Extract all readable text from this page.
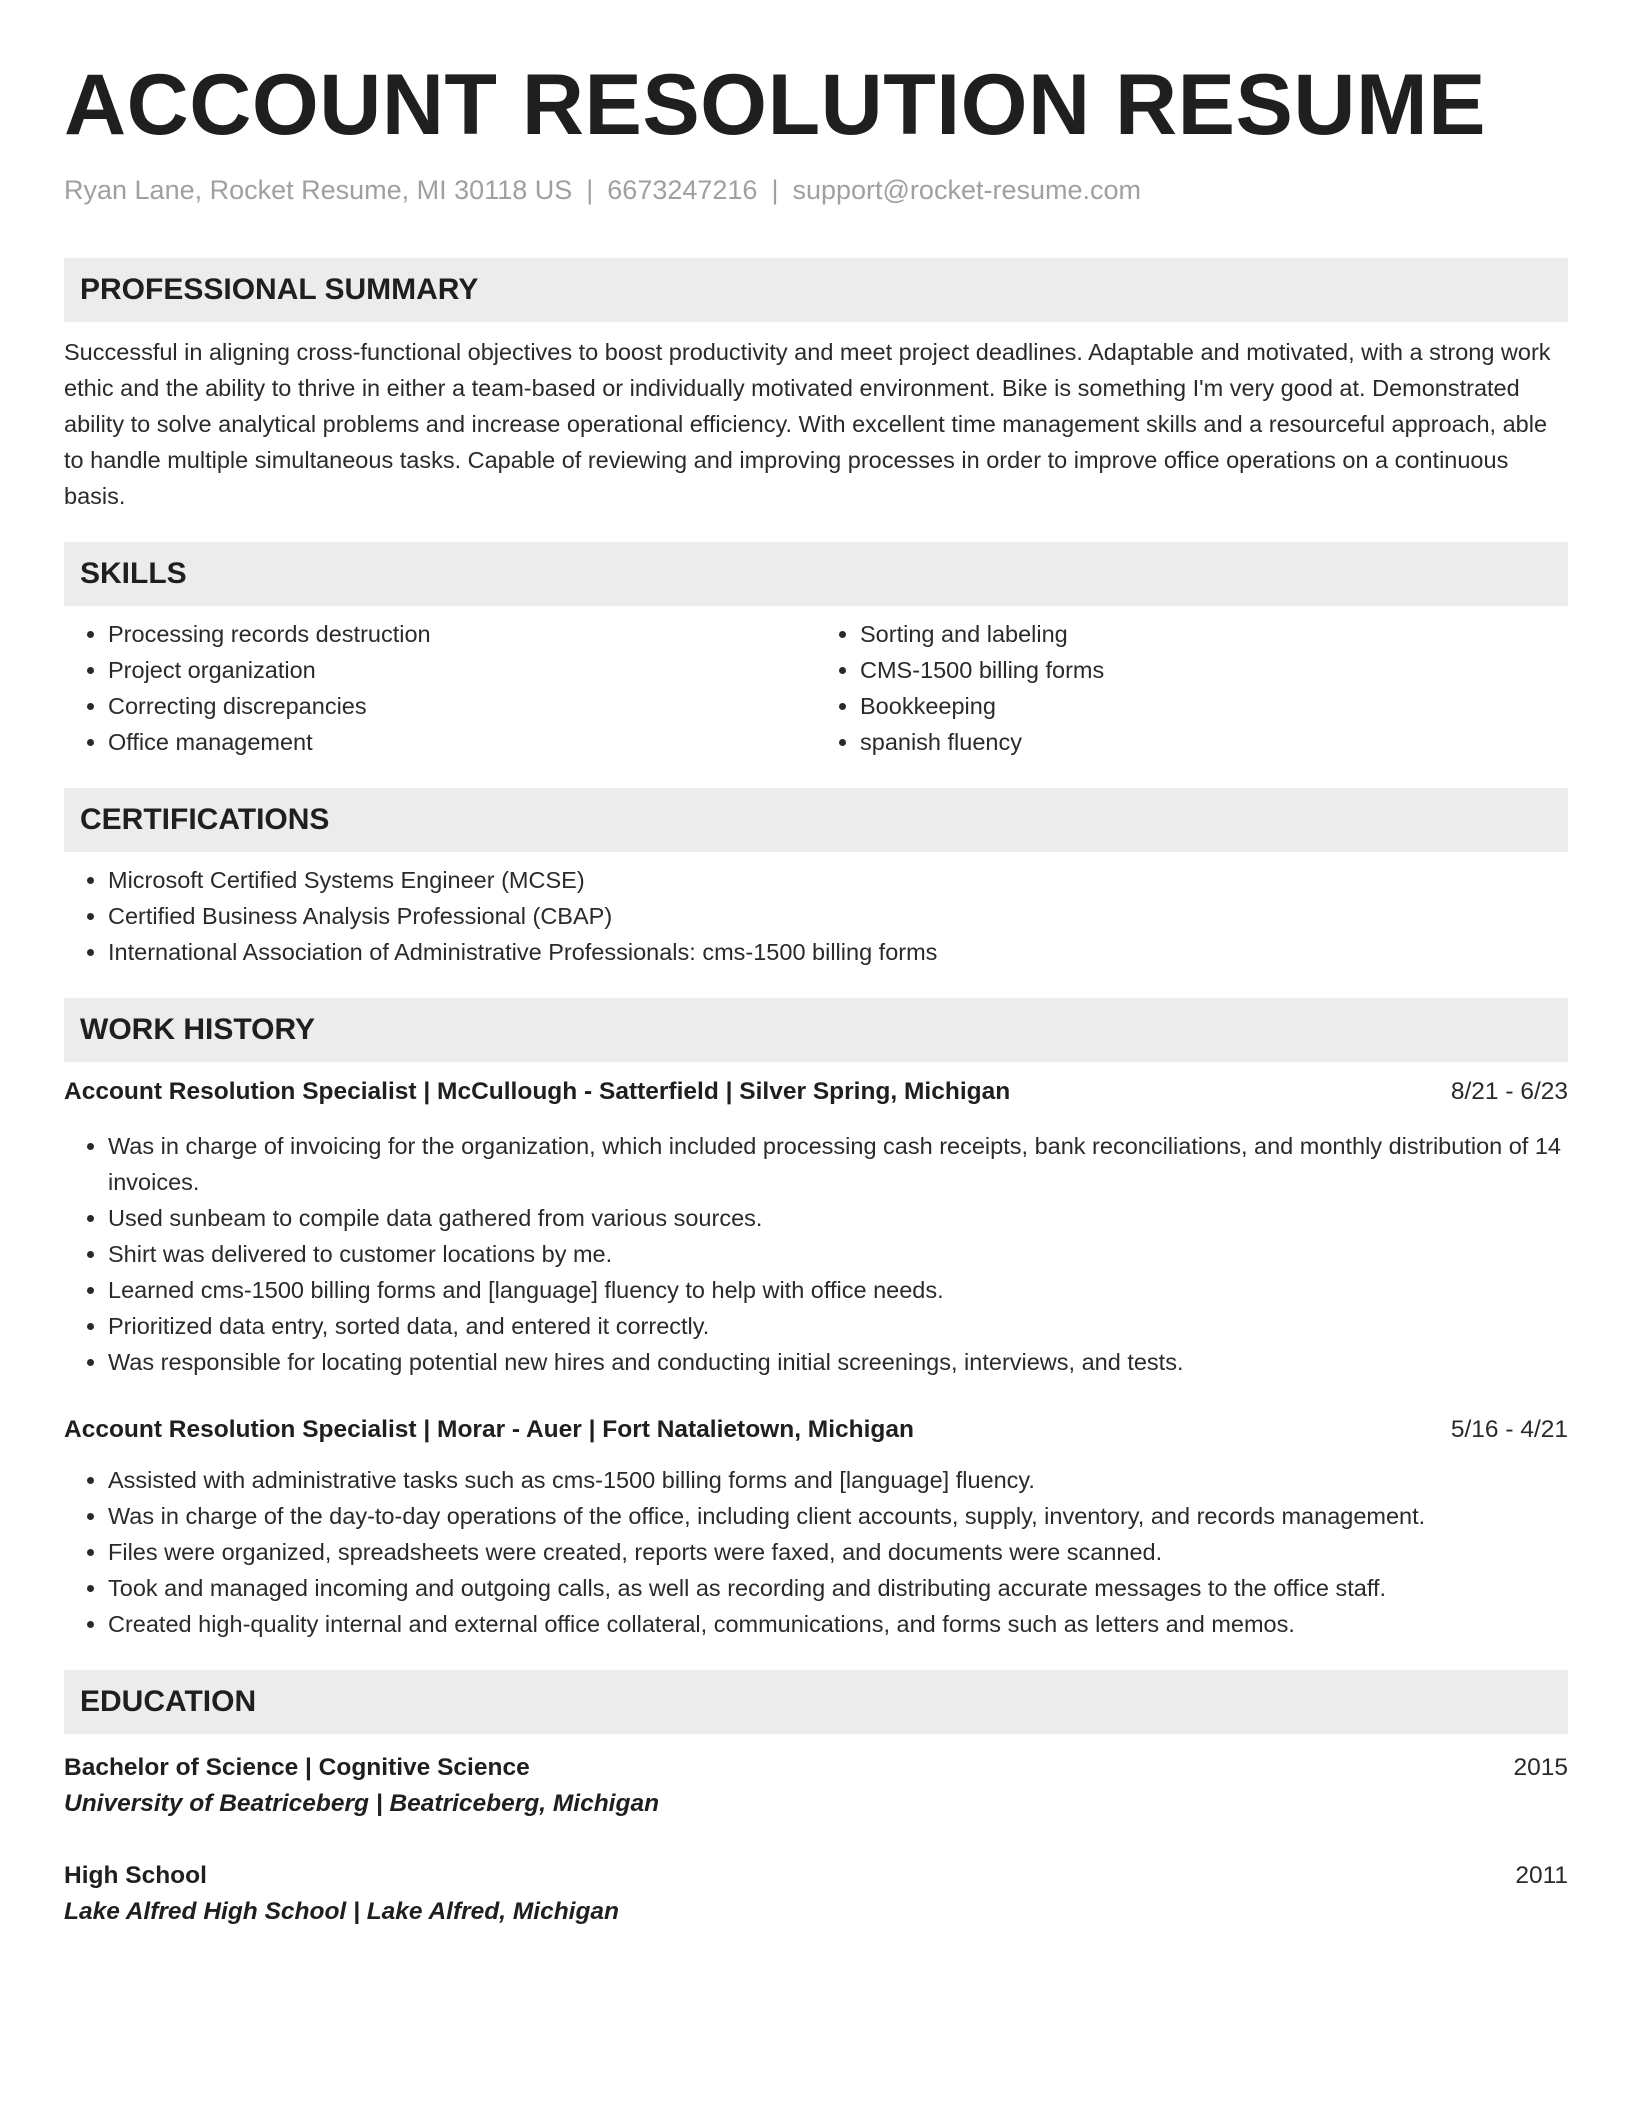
ACCOUNT RESOLUTION RESUME
Ryan Lane, Rocket Resume, MI 30118 US | 6673247216 | support@rocket-resume.com
PROFESSIONAL SUMMARY
Successful in aligning cross-functional objectives to boost productivity and meet project deadlines. Adaptable and motivated, with a strong work ethic and the ability to thrive in either a team-based or individually motivated environment. Bike is something I'm very good at. Demonstrated ability to solve analytical problems and increase operational efficiency. With excellent time management skills and a resourceful approach, able to handle multiple simultaneous tasks. Capable of reviewing and improving processes in order to improve office operations on a continuous basis.
SKILLS
• Processing records destruction
• Project organization
• Correcting discrepancies
• Office management
• Sorting and labeling
• CMS-1500 billing forms
• Bookkeeping
• spanish fluency
CERTIFICATIONS
• Microsoft Certified Systems Engineer (MCSE)
• Certified Business Analysis Professional (CBAP)
• International Association of Administrative Professionals: cms-1500 billing forms
WORK HISTORY
Account Resolution Specialist | McCullough - Satterfield | Silver Spring, Michigan	8/21 - 6/23
• Was in charge of invoicing for the organization, which included processing cash receipts, bank reconciliations, and monthly distribution of 14 invoices.
• Used sunbeam to compile data gathered from various sources.
• Shirt was delivered to customer locations by me.
• Learned cms-1500 billing forms and [language] fluency to help with office needs.
• Prioritized data entry, sorted data, and entered it correctly.
• Was responsible for locating potential new hires and conducting initial screenings, interviews, and tests.
Account Resolution Specialist | Morar - Auer | Fort Natalietown, Michigan	5/16 - 4/21
• Assisted with administrative tasks such as cms-1500 billing forms and [language] fluency.
• Was in charge of the day-to-day operations of the office, including client accounts, supply, inventory, and records management.
• Files were organized, spreadsheets were created, reports were faxed, and documents were scanned.
• Took and managed incoming and outgoing calls, as well as recording and distributing accurate messages to the office staff.
• Created high-quality internal and external office collateral, communications, and forms such as letters and memos.
EDUCATION
Bachelor of Science | Cognitive Science	2015
University of Beatriceberg | Beatriceberg, Michigan
High School	2011
Lake Alfred High School | Lake Alfred, Michigan
